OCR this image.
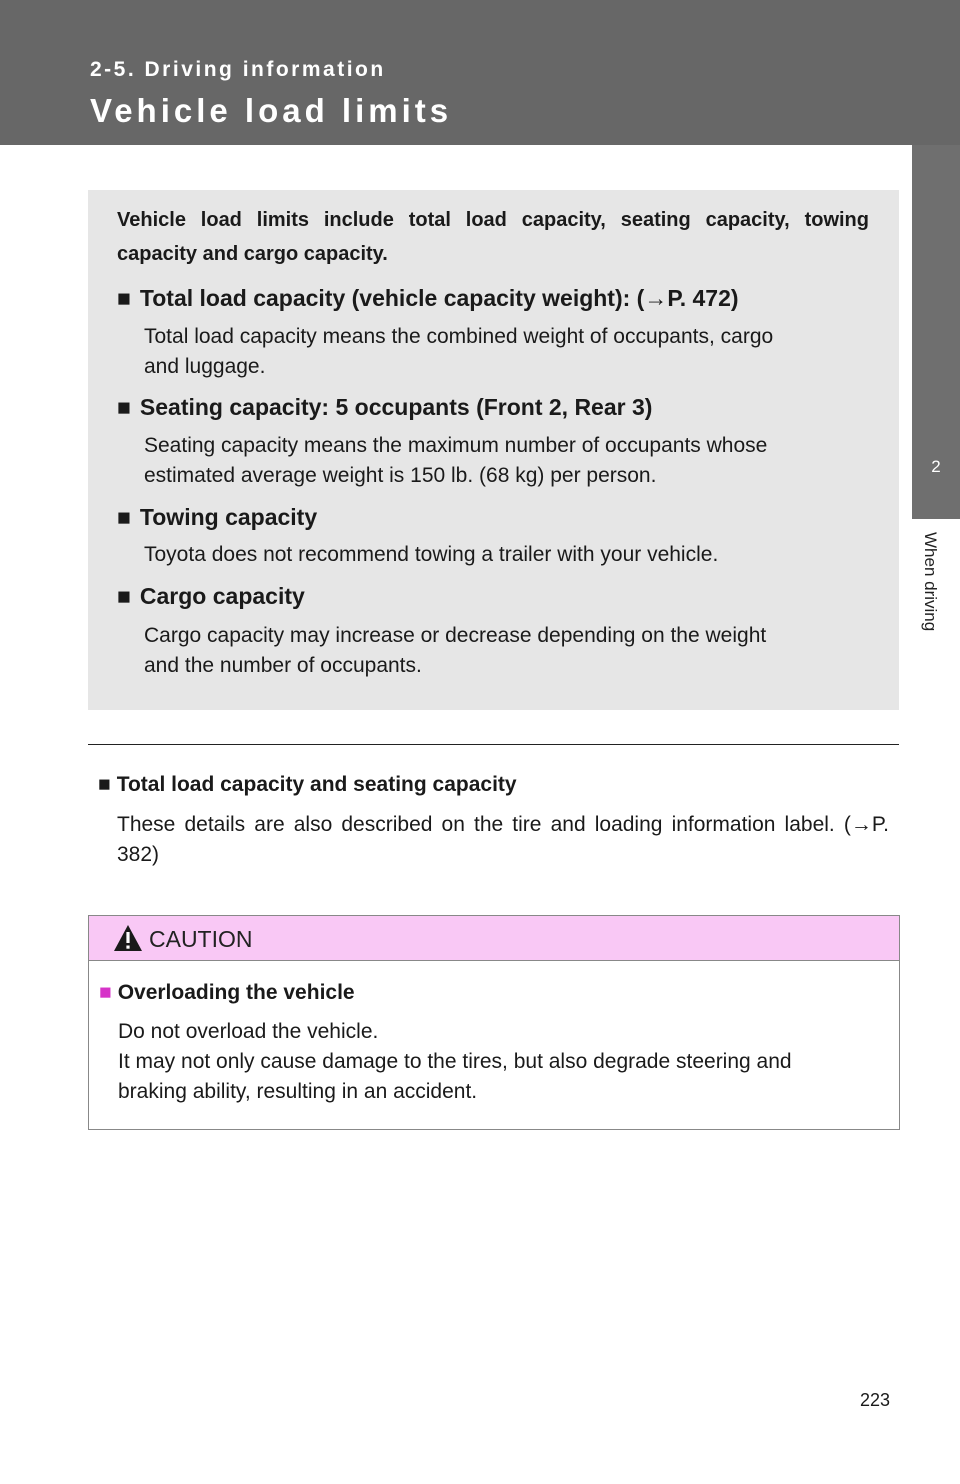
2-5. Driving information
Vehicle load limits
2
When driving
Vehicle load limits include total load capacity, seating capacity, towing capacity and cargo capacity.
■ Total load capacity (vehicle capacity weight): (→P. 472)
Total load capacity means the combined weight of occupants, cargo
and luggage.
■ Seating capacity: 5 occupants (Front 2, Rear 3)
Seating capacity means the maximum number of occupants whose
estimated average weight is 150 lb. (68 kg) per person.
■ Towing capacity
Toyota does not recommend towing a trailer with your vehicle.
■ Cargo capacity
Cargo capacity may increase or decrease depending on the weight
and the number of occupants.
■ Total load capacity and seating capacity
These details are also described on the tire and loading information label. (→P. 382)
CAUTION
■ Overloading the vehicle
Do not overload the vehicle.
It may not only cause damage to the tires, but also degrade steering and
braking ability, resulting in an accident.
223
